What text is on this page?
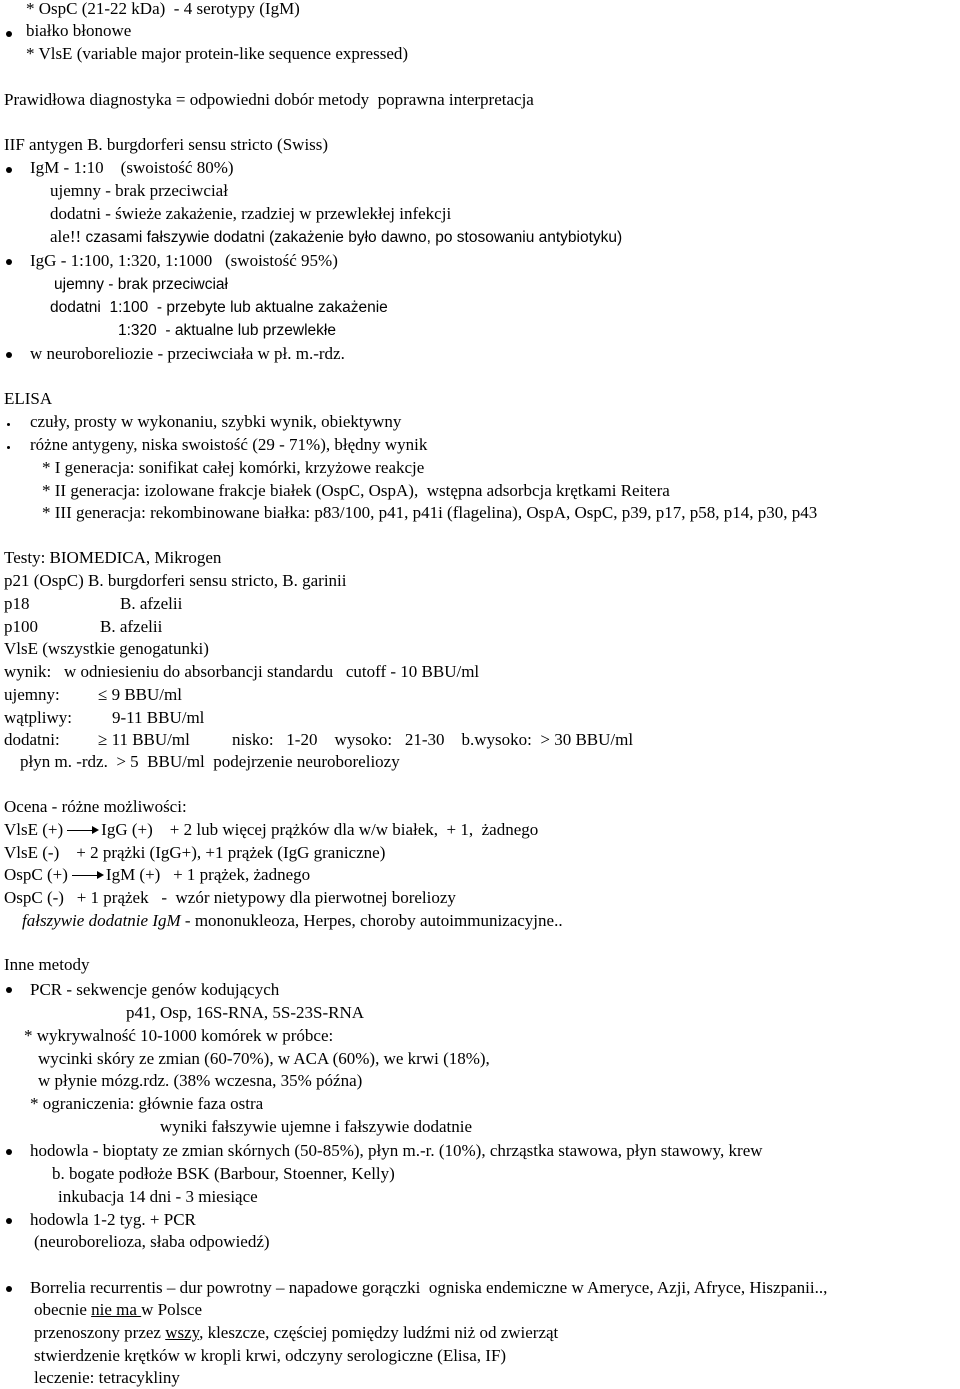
* OspC (21-22 kDa)  - 4 serotypy (IgM)
białko błonowe
* VlsE (variable major protein-like sequence expressed)
Prawidłowa diagnostyka = odpowiedni dobór metody  poprawna interpretacja
IIF antygen B. burgdorferi sensu stricto (Swiss)
IgM - 1:10    (swoistość 80%)
ujemny - brak przeciwciał
dodatni - świeże zakażenie, rzadziej w przewlekłej infekcji
ale!! czasami fałszywie dodatni (zakażenie było dawno, po stosowaniu antybiotyku)
IgG - 1:100, 1:320, 1:1000   (swoistość 95%)
ujemny - brak przeciwciał
dodatni  1:100  - przebyte lub aktualne zakażenie
1:320  - aktualne lub przewlekłe
w neuroboreliozie - przeciwciała w pł. m.-rdz.
ELISA
czuły, prosty w wykonaniu, szybki wynik, obiektywny
różne antygeny, niska swoistość (29 - 71%), błędny wynik
* I generacja: sonifikat całej komórki, krzyżowe reakcje
* II generacja: izolowane frakcje białek (OspC, OspA),  wstępna adsorbcja krętkami Reitera
* III generacja: rekombinowane białka: p83/100, p41, p41i (flagelina), OspA, OspC, p39, p17, p58, p14, p30, p43
Testy: BIOMEDICA, Mikrogen
p21 (OspC) B. burgdorferi sensu stricto, B. garinii
p18	B. afzelii
p100	B. afzelii
VlsE (wszystkie genogatunki)
wynik:   w odniesieniu do absorbancji standardu   cutoff - 10 BBU/ml
ujemny: ≤ 9 BBU/ml
wątpliwy: 9-11 BBU/ml
dodatni: ≥ 11 BBU/ml nisko:   1-20    wysoko:   21-30    b.wysoko:  > 30 BBU/ml
płyn m. -rdz.  > 5  BBU/ml  podejrzenie neuroboreliozy
Ocena - różne możliwości:
VlsE (+) IgG (+)    + 2 lub więcej prążków dla w/w białek,  + 1,  żadnego
VlsE (-)    + 2 prążki (IgG+), +1 prążek (IgG graniczne)
OspC (+) IgM (+)   + 1 prążek, żadnego
OspC (-)   + 1 prążek   -  wzór nietypowy dla pierwotnej boreliozy
fałszywie dodatnie IgM - mononukleoza, Herpes, choroby autoimmunizacyjne..
Inne metody
PCR - sekwencje genów kodujących
p41, Osp, 16S-RNA, 5S-23S-RNA
* wykrywalność 10-1000 komórek w próbce:
wycinki skóry ze zmian (60-70%), w ACA (60%), we krwi (18%),
w płynie mózg.rdz. (38% wczesna, 35% późna)
* ograniczenia: głównie faza ostra
wyniki fałszywie ujemne i fałszywie dodatnie
hodowla - bioptaty ze zmian skórnych (50-85%), płyn m.-r. (10%), chrząstka stawowa, płyn stawowy, krew
b. bogate podłoże BSK (Barbour, Stoenner, Kelly)
inkubacja 14 dni - 3 miesiące
hodowla 1-2 tyg. + PCR
(neuroborelioza, słaba odpowiedź)
Borrelia recurrentis – dur powrotny – napadowe gorączki  ogniska endemiczne w Ameryce, Azji, Afryce, Hiszpanii..,
obecnie nie ma w Polsce
przenoszony przez wszy, kleszcze, częściej pomiędzy ludźmi niż od zwierząt
stwierdzenie krętków w kropli krwi, odczyny serologiczne (Elisa, IF)
leczenie: tetracykliny
